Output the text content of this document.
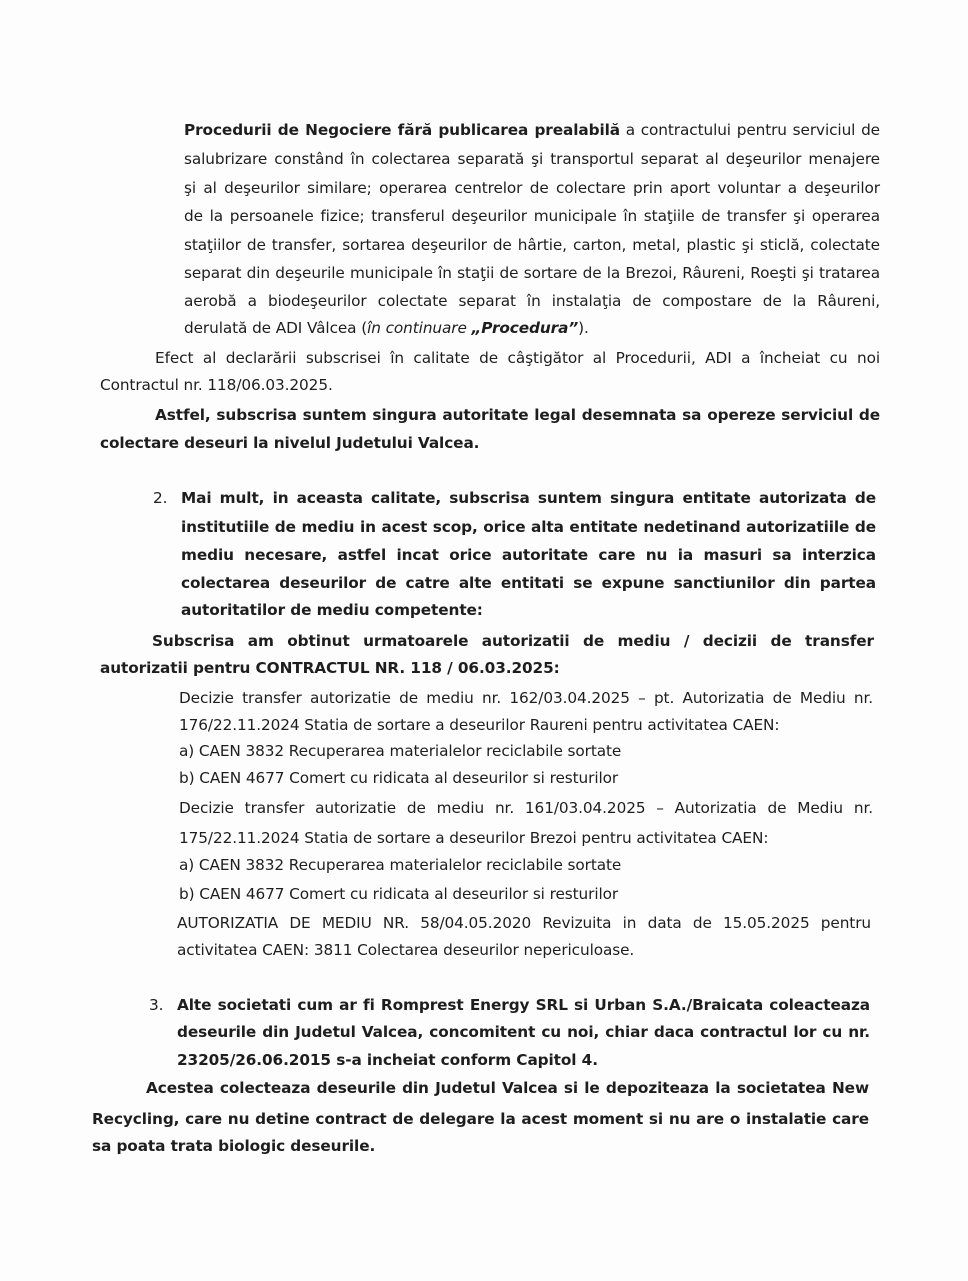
Procedurii de Negociere fără publicarea prealabilă a contractului pentru serviciul de

salubrizare constând în colectarea separată şi transportul separat al deşeurilor menajere

şi al deşeurilor similare; operarea centrelor de colectare prin aport voluntar a deşeurilor

de la persoanele fizice; transferul deşeurilor municipale în staţiile de transfer şi operarea

staţiilor de transfer, sortarea deşeurilor de hârtie, carton, metal, plastic şi sticlă, colectate

separat din deşeurile municipale în staţii de sortare de la Brezoi, Râureni, Roeşti şi tratarea

aerobă a biodeşeurilor colectate separat în instalaţia de compostare de la Râureni,

derulată de ADI Vâlcea (în continuare „Procedura”).

Efect al declarării subscrisei în calitate de câştigător al Procedurii, ADI a încheiat cu noi

Contractul nr. 118/06.03.2025.

Astfel, subscrisa suntem singura autoritate legal desemnata sa opereze serviciul de

colectare deseuri la nivelul Judetului Valcea.

2. Mai mult, in aceasta calitate, subscrisa suntem singura entitate autorizata de

institutiile de mediu in acest scop, orice alta entitate nedetinand autorizatiile de

mediu necesare, astfel incat orice autoritate care nu ia masuri sa interzica

colectarea deseurilor de catre alte entitati se expune sanctiunilor din partea

autoritatilor de mediu competente:

Subscrisa am obtinut urmatoarele autorizatii de mediu / decizii de transfer

autorizatii pentru CONTRACTUL NR. 118 / 06.03.2025:

Decizie transfer autorizatie de mediu nr. 162/03.04.2025 – pt. Autorizatia de Mediu nr.

176/22.11.2024 Statia de sortare a deseurilor Raureni pentru activitatea CAEN:

a) CAEN 3832 Recuperarea materialelor reciclabile sortate

b) CAEN 4677 Comert cu ridicata al deseurilor si resturilor

Decizie transfer autorizatie de mediu nr. 161/03.04.2025 – Autorizatia de Mediu nr.

175/22.11.2024 Statia de sortare a deseurilor Brezoi pentru activitatea CAEN:

a) CAEN 3832 Recuperarea materialelor reciclabile sortate

b) CAEN 4677 Comert cu ridicata al deseurilor si resturilor

AUTORIZATIA DE MEDIU NR. 58/04.05.2020 Revizuita in data de 15.05.2025 pentru

activitatea CAEN: 3811 Colectarea deseurilor nepericuloase.

3. Alte societati cum ar fi Romprest Energy SRL si Urban S.A./Braicata coleacteaza

deseurile din Judetul Valcea, concomitent cu noi, chiar daca contractul lor cu nr.

23205/26.06.2015 s-a incheiat conform Capitol 4.

Acestea colecteaza deseurile din Judetul Valcea si le depoziteaza la societatea New

Recycling, care nu detine contract de delegare la acest moment si nu are o instalatie care

sa poata trata biologic deseurile.
